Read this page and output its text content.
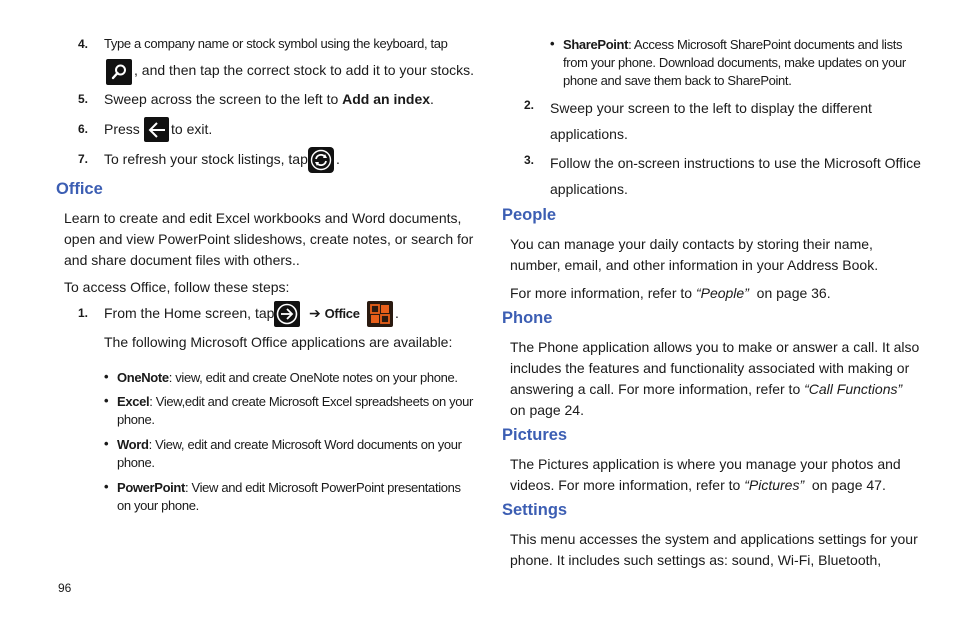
4. Type a company name or stock symbol using the keyboard, tap
, and then tap the correct stock to add it to your stocks.
5. Sweep across the screen to the left to Add an index.
6. Press to exit.
7. To refresh your stock listings, tap .
Office
Learn to create and edit Excel workbooks and Word documents,
open and view PowerPoint slideshows, create notes, or search for
and share document files with others..
To access Office, follow these steps:
1. From the Home screen, tap ➔ Office	.
The following Microsoft Office applications are available:
• OneNote: view, edit and create OneNote notes on your phone.
• Excel: View,edit and create Microsoft Excel spreadsheets on your
phone.
• Word: View, edit and create Microsoft Word documents on your
phone.
• PowerPoint: View and edit Microsoft PowerPoint presentations
on your phone.
96
• SharePoint: Access Microsoft SharePoint documents and lists
from your phone. Download documents, make updates on your
phone and save them back to SharePoint.
2. Sweep your screen to the left to display the different
applications.
3. Follow the on-screen instructions to use the Microsoft Office
applications.
People
You can manage your daily contacts by storing their name,
number, email, and other information in your Address Book.
For more information, refer to “People”  on page 36.
Phone
The Phone application allows you to make or answer a call. It also
includes the features and functionality associated with making or
answering a call. For more information, refer to “Call Functions”
on page 24.
Pictures
The Pictures application is where you manage your photos and
videos. For more information, refer to “Pictures”  on page 47.
Settings
This menu accesses the system and applications settings for your
phone. It includes such settings as: sound, Wi-Fi, Bluetooth,
